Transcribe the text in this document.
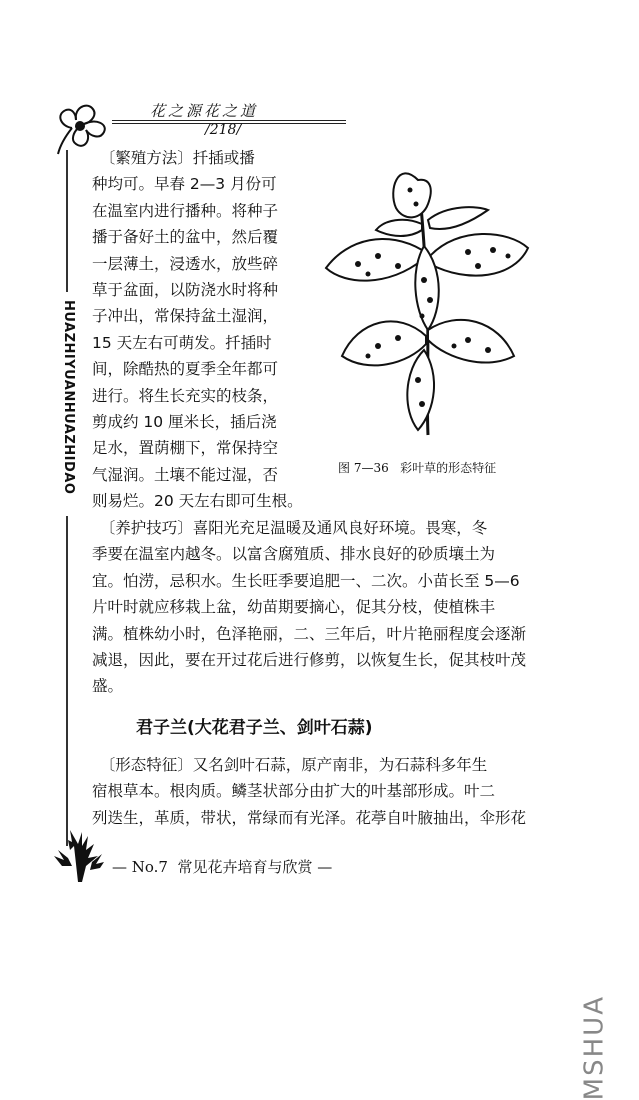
花之源花之道
/218/
HUAZHIYUANHUAZHIDAO

　〔繁殖方法〕扦插或播
种均可。早春 2—3 月份可
在温室内进行播种。将种子
播于备好土的盆中，然后覆
一层薄土，浸透水，放些碎
草于盆面，以防浇水时将种
子冲出，常保持盆土湿润，
15 天左右可萌发。扦插时
间，除酷热的夏季全年都可
进行。将生长充实的枝条，
剪成约 10 厘米长，插后浇
足水，置荫棚下，常保持空
气湿润。土壤不能过湿，否
则易烂。20 天左右即可生根。

图 7—36   彩叶草的形态特征

　〔养护技巧〕喜阳光充足温暖及通风良好环境。畏寒，冬
季要在温室内越冬。以富含腐殖质、排水良好的砂质壤土为
宜。怕涝，忌积水。生长旺季要追肥一、二次。小苗长至 5—6
片叶时就应移栽上盆，幼苗期要摘心，促其分枝，使植株丰
满。植株幼小时，色泽艳丽，二、三年后，叶片艳丽程度会逐渐
减退，因此，要在开过花后进行修剪，以恢复生长，促其枝叶茂
盛。

君子兰(大花君子兰、剑叶石蒜)

　〔形态特征〕又名剑叶石蒜，原产南非，为石蒜科多年生
宿根草本。根肉质。鳞茎状部分由扩大的叶基部形成。叶二
列迭生，革质，带状，常绿而有光泽。花葶自叶腋抽出，伞形花

— No.7  常见花卉培育与欣赏 —
MSHUA
